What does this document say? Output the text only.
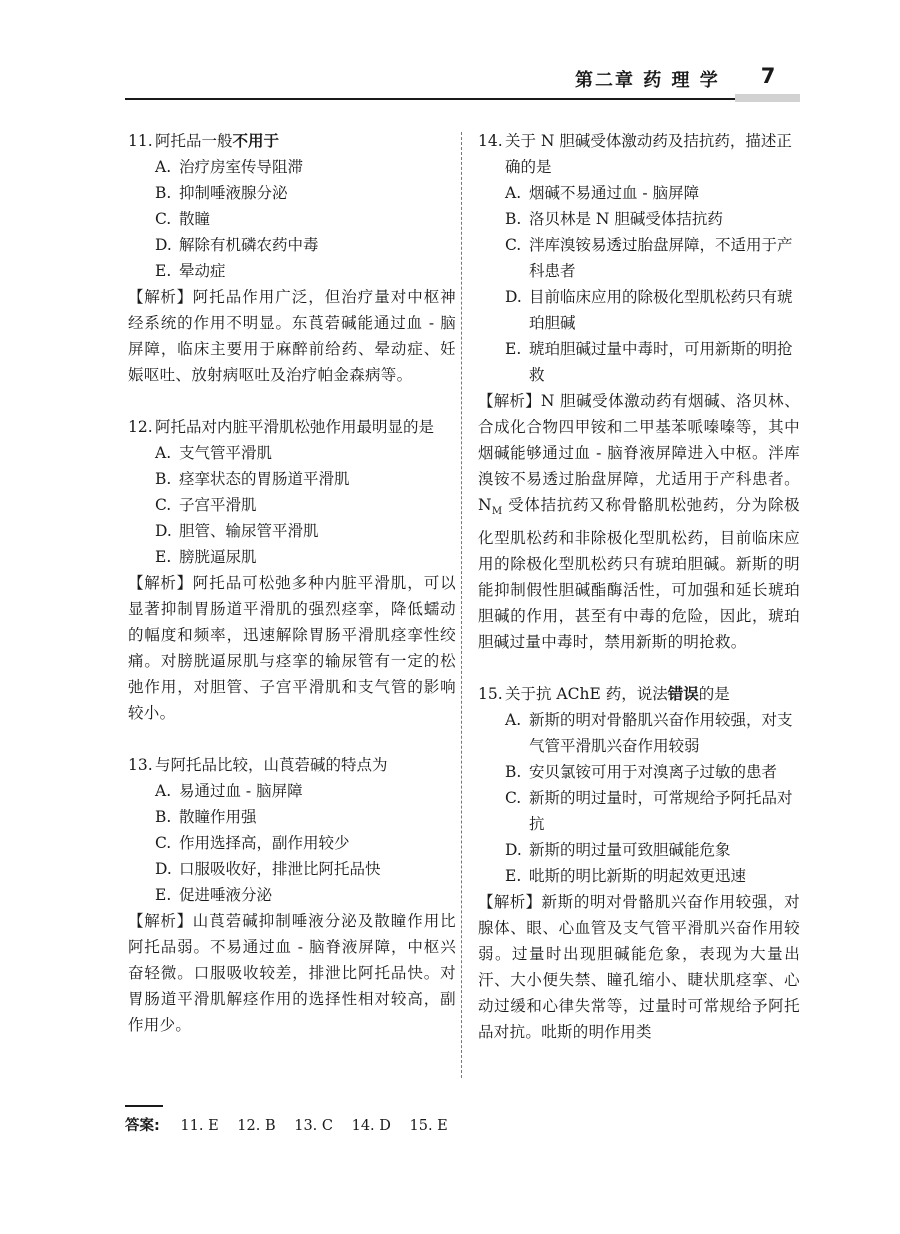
第二章 药 理 学	7
11. 阿托品一般不用于
A. 治疗房室传导阻滞
B. 抑制唾液腺分泌
C. 散瞳
D. 解除有机磷农药中毒
E. 晕动症
【解析】阿托品作用广泛，但治疗量对中枢神经系统的作用不明显。东莨菪碱能通过血 - 脑屏障，临床主要用于麻醉前给药、晕动症、妊娠呕吐、放射病呕吐及治疗帕金森病等。
12. 阿托品对内脏平滑肌松弛作用最明显的是
A. 支气管平滑肌
B. 痉挛状态的胃肠道平滑肌
C. 子宫平滑肌
D. 胆管、输尿管平滑肌
E. 膀胱逼尿肌
【解析】阿托品可松弛多种内脏平滑肌，可以显著抑制胃肠道平滑肌的强烈痉挛，降低蠕动的幅度和频率，迅速解除胃肠平滑肌痉挛性绞痛。对膀胱逼尿肌与痉挛的输尿管有一定的松弛作用，对胆管、子宫平滑肌和支气管的影响较小。
13. 与阿托品比较，山莨菪碱的特点为
A. 易通过血 - 脑屏障
B. 散瞳作用强
C. 作用选择高，副作用较少
D. 口服吸收好，排泄比阿托品快
E. 促进唾液分泌
【解析】山莨菪碱抑制唾液分泌及散瞳作用比阿托品弱。不易通过血 - 脑脊液屏障，中枢兴奋轻微。口服吸收较差，排泄比阿托品快。对胃肠道平滑肌解痉作用的选择性相对较高，副作用少。
14. 关于 N 胆碱受体激动药及拮抗药，描述正确的是
A. 烟碱不易通过血 - 脑屏障
B. 洛贝林是 N 胆碱受体拮抗药
C. 泮库溴铵易透过胎盘屏障，不适用于产科患者
D. 目前临床应用的除极化型肌松药只有琥珀胆碱
E. 琥珀胆碱过量中毒时，可用新斯的明抢救
【解析】N 胆碱受体激动药有烟碱、洛贝林、合成化合物四甲铵和二甲基苯哌嗪嗪等，其中烟碱能够通过血 - 脑脊液屏障进入中枢。泮库溴铵不易透过胎盘屏障，尤适用于产科患者。$N_M$ 受体拮抗药又称骨骼肌松弛药，分为除极化型肌松药和非除极化型肌松药，目前临床应用的除极化型肌松药只有琥珀胆碱。新斯的明能抑制假性胆碱酯酶活性，可加强和延长琥珀胆碱的作用，甚至有中毒的危险，因此，琥珀胆碱过量中毒时，禁用新斯的明抢救。
15. 关于抗 AChE 药，说法错误的是
A. 新斯的明对骨骼肌兴奋作用较强，对支气管平滑肌兴奋作用较弱
B. 安贝氯铵可用于对溴离子过敏的患者
C. 新斯的明过量时，可常规给予阿托品对抗
D. 新斯的明过量可致胆碱能危象
E. 吡斯的明比新斯的明起效更迅速
【解析】新斯的明对骨骼肌兴奋作用较强，对腺体、眼、心血管及支气管平滑肌兴奋作用较弱。过量时出现胆碱能危象，表现为大量出汗、大小便失禁、瞳孔缩小、睫状肌痉挛、心动过缓和心律失常等，过量时可常规给予阿托品对抗。吡斯的明作用类
答案: 11. E 12. B 13. C 14. D 15. E
